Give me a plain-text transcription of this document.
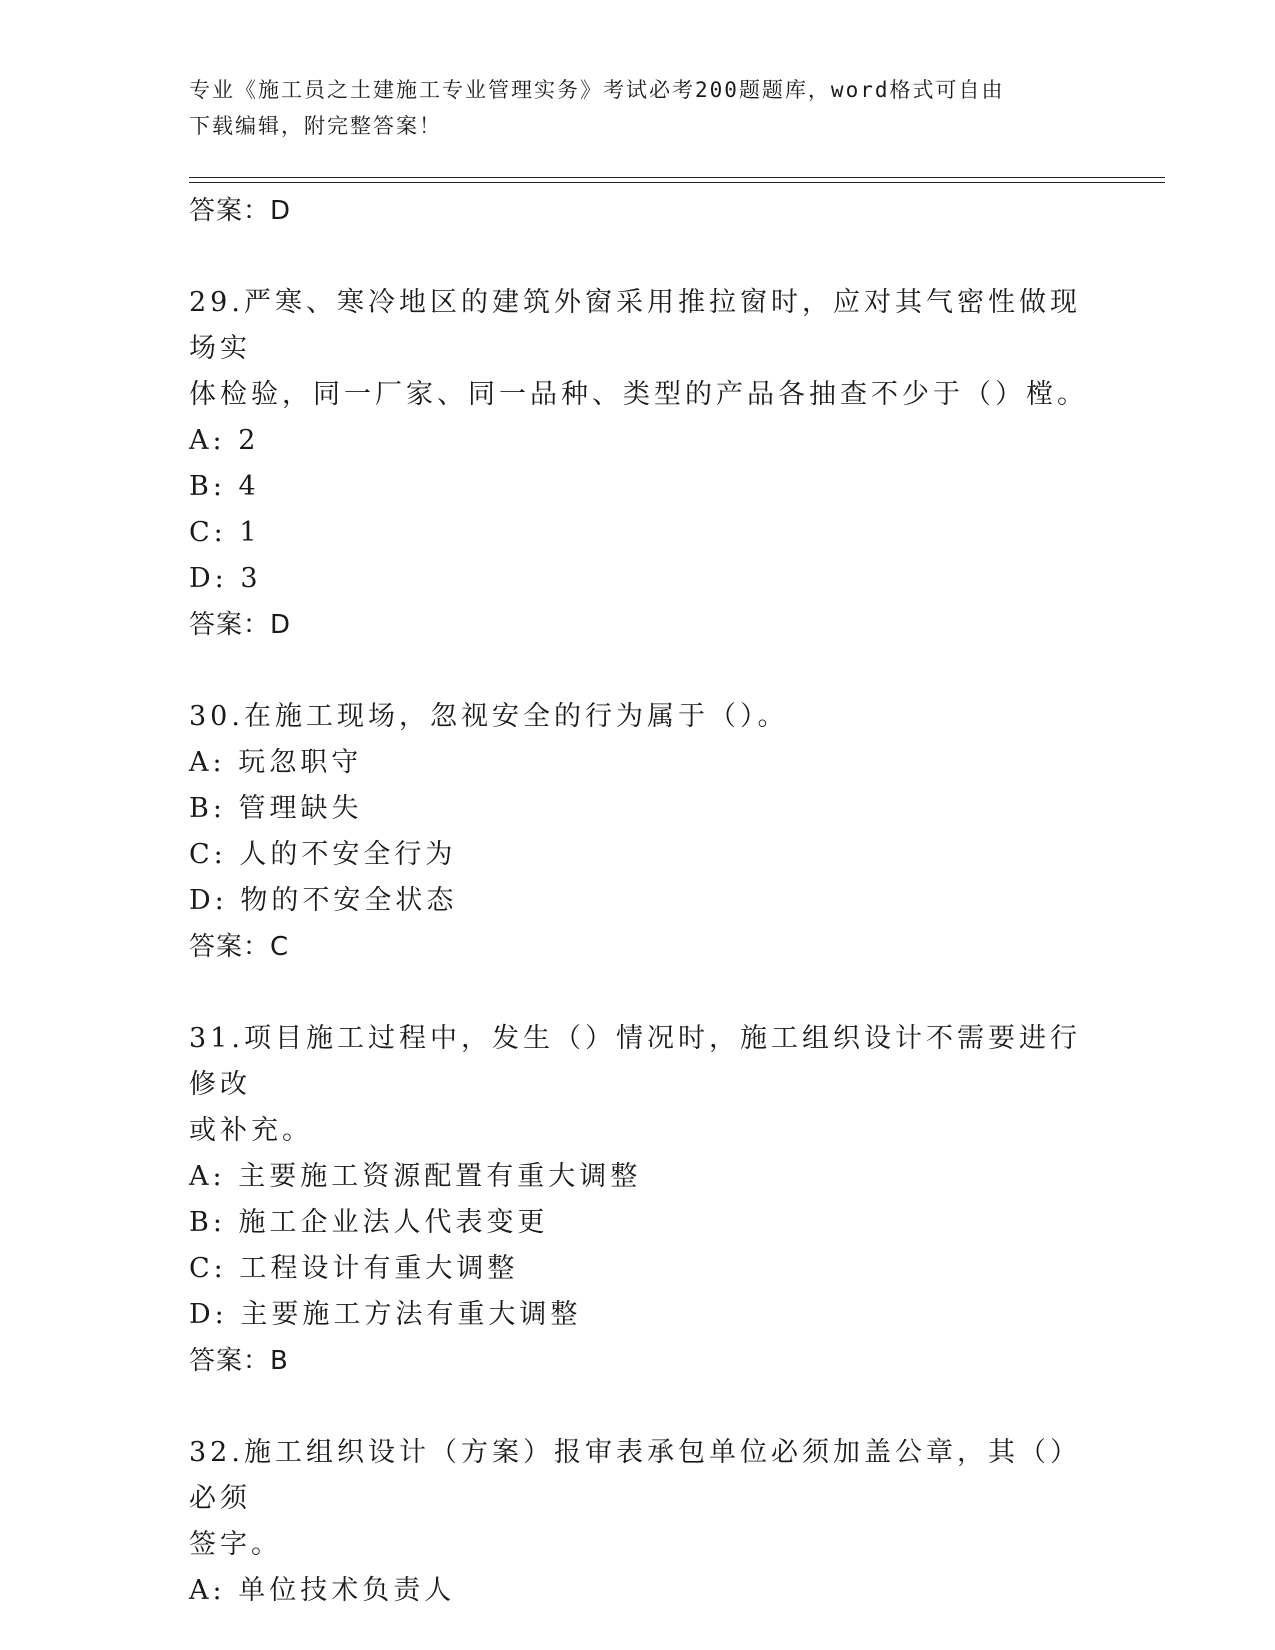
专业《施工员之土建施工专业管理实务》考试必考200题题库，word格式可自由
下载编辑，附完整答案！
答案：D
29.严寒、寒冷地区的建筑外窗采用推拉窗时，应对其气密性做现场实
体检验，同一厂家、同一品种、类型的产品各抽查不少于（）樘。
A: 2
B: 4
C: 1
D: 3
答案：D
30.在施工现场，忽视安全的行为属于（）。
A: 玩忽职守
B: 管理缺失
C: 人的不安全行为
D: 物的不安全状态
答案：C
31.项目施工过程中，发生（）情况时，施工组织设计不需要进行修改
或补充。
A: 主要施工资源配置有重大调整
B: 施工企业法人代表变更
C: 工程设计有重大调整
D: 主要施工方法有重大调整
答案：B
32.施工组织设计（方案）报审表承包单位必须加盖公章，其（）必须
签字。
A: 单位技术负责人
